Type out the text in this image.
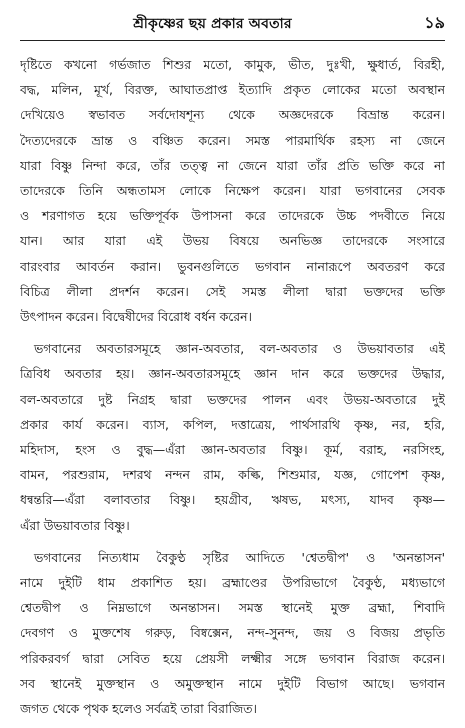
শ্রীকৃষ্ণের ছয় প্রকার অবতার	১৯
দৃষ্টিতে কখনো গর্ভজাত শিশুর মতো, কামুক, ভীত, দুঃখী, ক্ষুধার্ত, বিরহী,
বদ্ধ, মলিন, মূর্খ, বিরক্ত, আঘাতপ্রাপ্ত ইত্যাদি প্রকৃত লোকের মতো অবস্থান
দেখিয়েও স্বভাবত সর্বদোষশূন্য থেকে অজ্ঞদেরকে বিভ্রান্ত করেন।
দৈত্যদেরকে ভ্রান্ত ও বঞ্চিত করেন। সমস্ত পারমার্থিক রহস্য না জেনে
যারা বিষ্ণু নিন্দা করে, তাঁর তত্ত্ব না জেনে যারা তাঁর প্রতি ভক্তি করে না
তাদেরকে তিনি অন্ধতামস লোকে নিক্ষেপ করেন। যারা ভগবানের সেবক
ও শরণাগত হয়ে ভক্তিপূর্বক উপাসনা করে তাদেরকে উচ্চ পদবীতে নিয়ে
যান। আর যারা এই উভয় বিষয়ে অনভিজ্ঞ তাদেরকে সংসারে
বারংবার আবর্তন করান। ভুবনগুলিতে ভগবান নানারূপে অবতরণ করে
বিচিত্র লীলা প্রদর্শন করেন। সেই সমস্ত লীলা দ্বারা ভক্তদের ভক্তি
উৎপাদন করেন। বিদ্বেষীদের বিরোধ বর্ধন করেন।
ভগবানের অবতারসমূহে জ্ঞান-অবতার, বল-অবতার ও উভয়াবতার এই
ত্রিবিধ অবতার হয়। জ্ঞান-অবতারসমূহে জ্ঞান দান করে ভক্তদের উদ্ধার,
বল-অবতারে দুষ্ট নিগ্রহ দ্বারা ভক্তদের পালন এবং উভয়-অবতারে দুই
প্রকার কার্য করেন। ব্যাস, কপিল, দত্তাত্রেয়, পার্থসারথি কৃষ্ণ, নর, হরি,
মহিদাস, হংস ও বুদ্ধ—এঁরা জ্ঞান-অবতার বিষ্ণু। কূর্ম, বরাহ, নরসিংহ,
বামন, পরশুরাম, দশরথ নন্দন রাম, কল্কি, শিশুমার, যজ্ঞ, গোপেশ কৃষ্ণ,
ধন্বন্তরি—এঁরা বলাবতার বিষ্ণু। হয়গ্রীব, ঋষভ, মৎস্য, যাদব কৃষ্ণ—
এঁরা উভয়াবতার বিষ্ণু।
ভগবানের নিত্যধাম বৈকুণ্ঠ সৃষ্টির আদিতে 'শ্বেতদ্বীপ' ও 'অনন্তাসন'
নামে দুইটি ধাম প্রকাশিত হয়। ব্রহ্মাণ্ডের উপরিভাগে বৈকুণ্ঠ, মধ্যভাগে
শ্বেতদ্বীপ ও নিম্নভাগে অনন্তাসন। সমস্ত স্থানেই মুক্ত ব্রহ্মা, শিবাদি
দেবগণ ও মুক্তশেষ গরুড়, বিষ্বক্সেন, নন্দ-সুনন্দ, জয় ও বিজয় প্রভৃতি
পরিকরবর্গ দ্বারা সেবিত হয়ে প্রেয়সী লক্ষ্মীর সঙ্গে ভগবান বিরাজ করেন।
সব স্থানেই মুক্তস্থান ও অমুক্তস্থান নামে দুইটি বিভাগ আছে। ভগবান
জগত থেকে পৃথক হলেও সর্বত্রই তারা বিরাজিত।
